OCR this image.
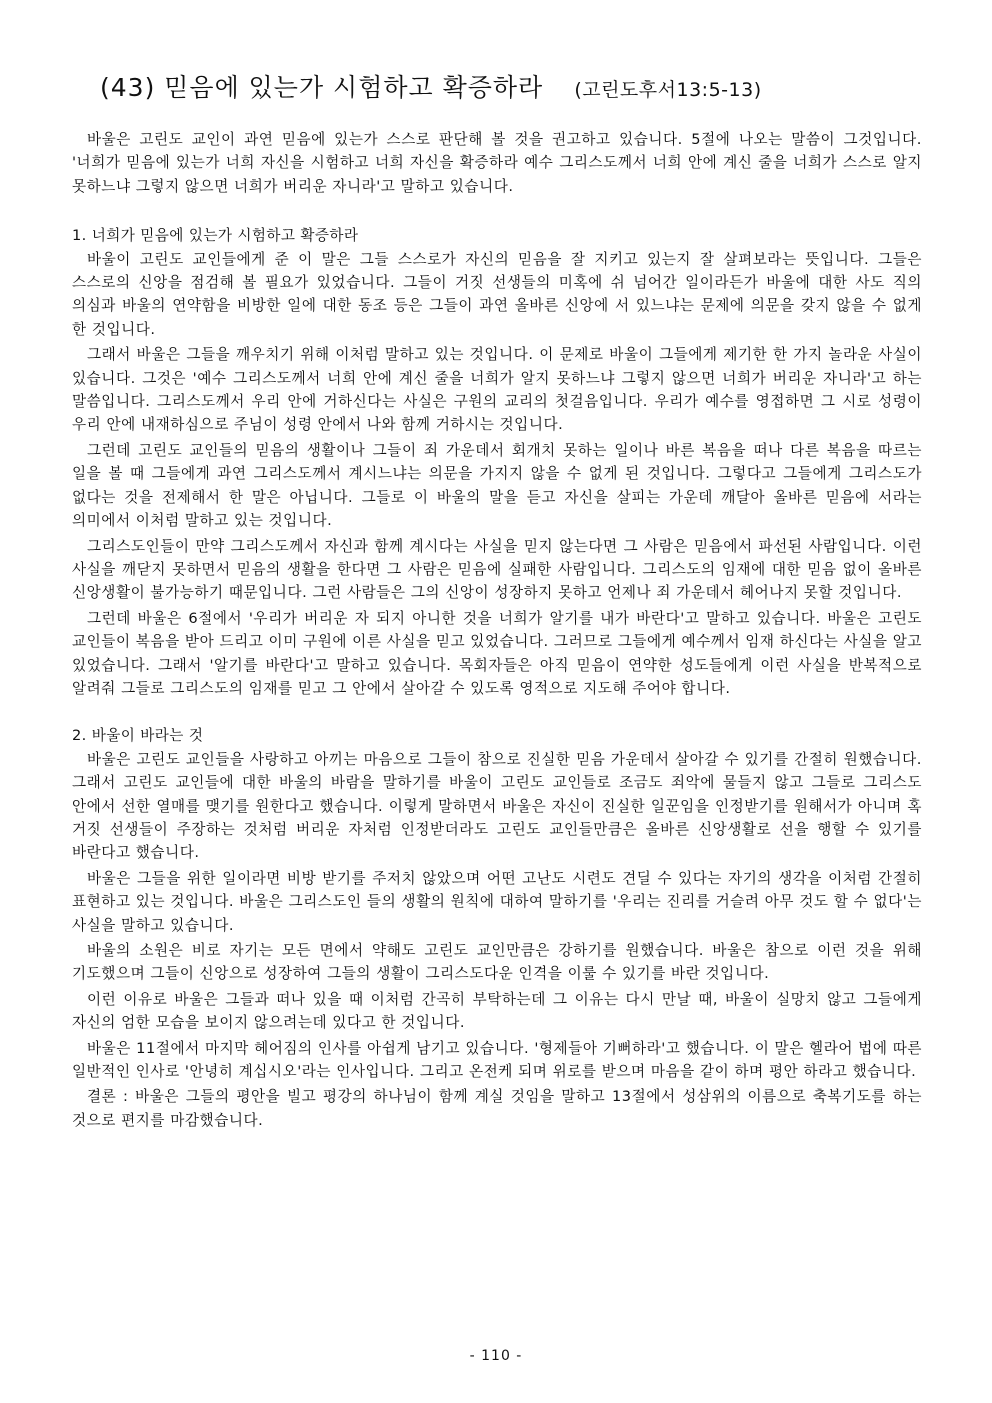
(43) 믿음에 있는가 시험하고 확증하라 (고린도후서13:5-13)

바울은 고린도 교인이 과연 믿음에 있는가 스스로 판단해 볼 것을 권고하고 있습니다. 5절에 나오는 말씀이 그것입니다. '너희가 믿음에 있는가 너희 자신을 시험하고 너희 자신을 확증하라 예수 그리스도께서 너희 안에 계신 줄을 너희가 스스로 알지 못하느냐 그렇지 않으면 너희가 버리운 자니라'고 말하고 있습니다.

1. 너희가 믿음에 있는가 시험하고 확증하라

바울이 고린도 교인들에게 준 이 말은 그들 스스로가 자신의 믿음을 잘 지키고 있는지 잘 살펴보라는 뜻입니다. 그들은 스스로의 신앙을 점검해 볼 필요가 있었습니다. 그들이 거짓 선생들의 미혹에 쉬 넘어간 일이라든가 바울에 대한 사도 직의 의심과 바울의 연약함을 비방한 일에 대한 동조 등은 그들이 과연 올바른 신앙에 서 있느냐는 문제에 의문을 갖지 않을 수 없게 한 것입니다.

그래서 바울은 그들을 깨우치기 위해 이처럼 말하고 있는 것입니다. 이 문제로 바울이 그들에게 제기한 한 가지 놀라운 사실이 있습니다. 그것은 '예수 그리스도께서 너희 안에 계신 줄을 너희가 알지 못하느냐 그렇지 않으면 너희가 버리운 자니라'고 하는 말씀입니다. 그리스도께서 우리 안에 거하신다는 사실은 구원의 교리의 첫걸음입니다. 우리가 예수를 영접하면 그 시로 성령이 우리 안에 내재하심으로 주님이 성령 안에서 나와 함께 거하시는 것입니다.

그런데 고린도 교인들의 믿음의 생활이나 그들이 죄 가운데서 회개치 못하는 일이나 바른 복음을 떠나 다른 복음을 따르는 일을 볼 때 그들에게 과연 그리스도께서 계시느냐는 의문을 가지지 않을 수 없게 된 것입니다. 그렇다고 그들에게 그리스도가 없다는 것을 전제해서 한 말은 아닙니다. 그들로 이 바울의 말을 듣고 자신을 살피는 가운데 깨달아 올바른 믿음에 서라는 의미에서 이처럼 말하고 있는 것입니다.

그리스도인들이 만약 그리스도께서 자신과 함께 계시다는 사실을 믿지 않는다면 그 사람은 믿음에서 파선된 사람입니다. 이런 사실을 깨닫지 못하면서 믿음의 생활을 한다면 그 사람은 믿음에 실패한 사람입니다. 그리스도의 임재에 대한 믿음 없이 올바른 신앙생활이 불가능하기 때문입니다. 그런 사람들은 그의 신앙이 성장하지 못하고 언제나 죄 가운데서 헤어나지 못할 것입니다.

그런데 바울은 6절에서 '우리가 버리운 자 되지 아니한 것을 너희가 알기를 내가 바란다'고 말하고 있습니다. 바울은 고린도 교인들이 복음을 받아 드리고 이미 구원에 이른 사실을 믿고 있었습니다. 그러므로 그들에게 예수께서 임재 하신다는 사실을 알고 있었습니다. 그래서 '알기를 바란다'고 말하고 있습니다. 목회자들은 아직 믿음이 연약한 성도들에게 이런 사실을 반복적으로 알려줘 그들로 그리스도의 임재를 믿고 그 안에서 살아갈 수 있도록 영적으로 지도해 주어야 합니다.

2. 바울이 바라는 것

바울은 고린도 교인들을 사랑하고 아끼는 마음으로 그들이 참으로 진실한 믿음 가운데서 살아갈 수 있기를 간절히 원했습니다. 그래서 고린도 교인들에 대한 바울의 바람을 말하기를 바울이 고린도 교인들로 조금도 죄악에 물들지 않고 그들로 그리스도 안에서 선한 열매를 맺기를 원한다고 했습니다. 이렇게 말하면서 바울은 자신이 진실한 일꾼임을 인정받기를 원해서가 아니며 혹 거짓 선생들이 주장하는 것처럼 버리운 자처럼 인정받더라도 고린도 교인들만큼은 올바른 신앙생활로 선을 행할 수 있기를 바란다고 했습니다.

바울은 그들을 위한 일이라면 비방 받기를 주저치 않았으며 어떤 고난도 시련도 견딜 수 있다는 자기의 생각을 이처럼 간절히 표현하고 있는 것입니다. 바울은 그리스도인 들의 생활의 원칙에 대하여 말하기를 '우리는 진리를 거슬려 아무 것도 할 수 없다'는 사실을 말하고 있습니다.

바울의 소원은 비로 자기는 모든 면에서 약해도 고린도 교인만큼은 강하기를 원했습니다. 바울은 참으로 이런 것을 위해 기도했으며 그들이 신앙으로 성장하여 그들의 생활이 그리스도다운 인격을 이룰 수 있기를 바란 것입니다.

이런 이유로 바울은 그들과 떠나 있을 때 이처럼 간곡히 부탁하는데 그 이유는 다시 만날 때, 바울이 실망치 않고 그들에게 자신의 엄한 모습을 보이지 않으려는데 있다고 한 것입니다.

바울은 11절에서 마지막 헤어짐의 인사를 아쉽게 남기고 있습니다. '형제들아 기뻐하라'고 했습니다. 이 말은 헬라어 법에 따른 일반적인 인사로 '안녕히 계십시오'라는 인사입니다. 그리고 온전케 되며 위로를 받으며 마음을 같이 하며 평안 하라고 했습니다.

결론 : 바울은 그들의 평안을 빌고 평강의 하나님이 함께 계실 것임을 말하고 13절에서 성삼위의 이름으로 축복기도를 하는 것으로 편지를 마감했습니다.

- 110 -
